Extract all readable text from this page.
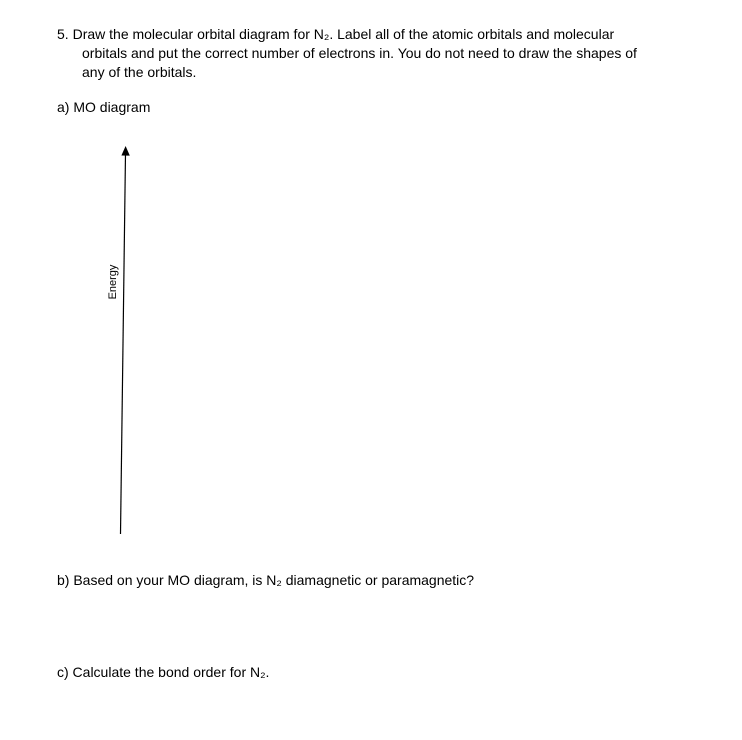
5. Draw the molecular orbital diagram for N₂. Label all of the atomic orbitals and molecular
orbitals and put the correct number of electrons in. You do not need to draw the shapes of
any of the orbitals.
a) MO diagram
Energy
b) Based on your MO diagram, is N₂ diamagnetic or paramagnetic?
c) Calculate the bond order for N₂.
